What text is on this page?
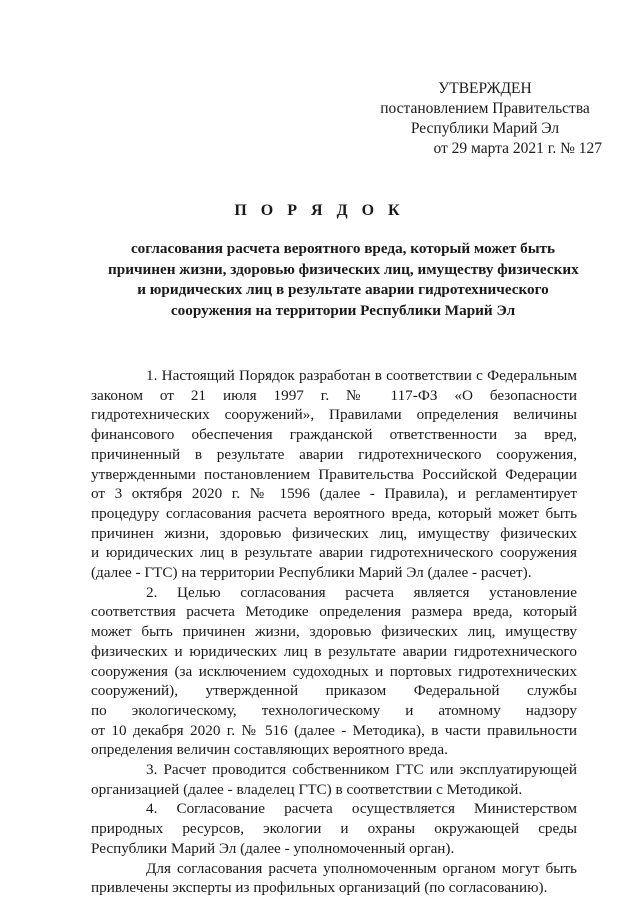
УТВЕРЖДЕН
постановлением Правительства
Республики Марий Эл
от 29 марта 2021 г. № 127
П О Р Я Д О К
согласования расчета вероятного вреда, который может быть
причинен жизни, здоровью физических лиц, имуществу физических
и юридических лиц в результате аварии гидротехнического
сооружения на территории Республики Марий Эл
1. Настоящий Порядок разработан в соответствии с Федеральным
законом от 21 июля 1997 г. № 117-ФЗ «О безопасности
гидротехнических сооружений», Правилами определения величины
финансового обеспечения гражданской ответственности за вред,
причиненный в результате аварии гидротехнического сооружения,
утвержденными постановлением Правительства Российской Федерации
от 3 октября 2020 г. № 1596 (далее - Правила), и регламентирует
процедуру согласования расчета вероятного вреда, который может быть
причинен жизни, здоровью физических лиц, имуществу физических
и юридических лиц в результате аварии гидротехнического сооружения
(далее - ГТС) на территории Республики Марий Эл (далее - расчет).
2. Целью согласования расчета является установление
соответствия расчета Методике определения размера вреда, который
может быть причинен жизни, здоровью физических лиц, имуществу
физических и юридических лиц в результате аварии гидротехнического
сооружения (за исключением судоходных и портовых гидротехнических
сооружений), утвержденной приказом Федеральной службы
по экологическому, технологическому и атомному надзору
от 10 декабря 2020 г. № 516 (далее - Методика), в части правильности
определения величин составляющих вероятного вреда.
3. Расчет проводится собственником ГТС или эксплуатирующей
организацией (далее - владелец ГТС) в соответствии с Методикой.
4. Согласование расчета осуществляется Министерством
природных ресурсов, экологии и охраны окружающей среды
Республики Марий Эл (далее - уполномоченный орган).
Для согласования расчета уполномоченным органом могут быть
привлечены эксперты из профильных организаций (по согласованию).
